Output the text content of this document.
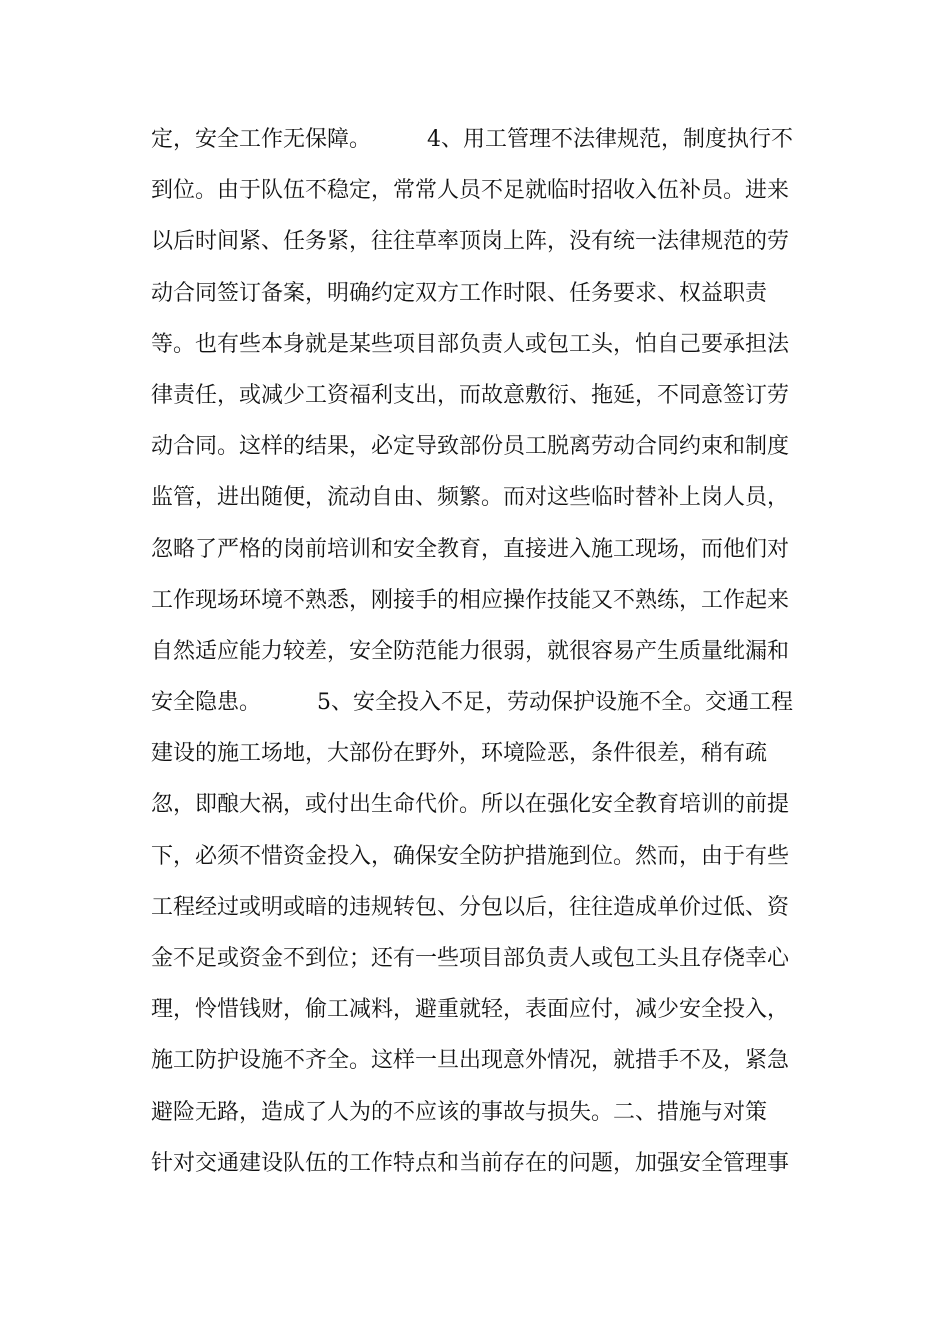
定，安全工作无保障。        4、用工管理不法律规范，制度执行不
到位。由于队伍不稳定，常常人员不足就临时招收入伍补员。进来
以后时间紧、任务紧，往往草率顶岗上阵，没有统一法律规范的劳
动合同签订备案，明确约定双方工作时限、任务要求、权益职责
等。也有些本身就是某些项目部负责人或包工头，怕自己要承担法
律责任，或减少工资福利支出，而故意敷衍、拖延，不同意签订劳
动合同。这样的结果，必定导致部份员工脱离劳动合同约束和制度
监管，进出随便，流动自由、频繁。而对这些临时替补上岗人员，
忽略了严格的岗前培训和安全教育，直接进入施工现场，而他们对
工作现场环境不熟悉，刚接手的相应操作技能又不熟练，工作起来
自然适应能力较差，安全防范能力很弱，就很容易产生质量纰漏和
安全隐患。        5、安全投入不足，劳动保护设施不全。交通工程
建设的施工场地，大部份在野外，环境险恶，条件很差，稍有疏
忽，即酿大祸，或付出生命代价。所以在强化安全教育培训的前提
下，必须不惜资金投入，确保安全防护措施到位。然而，由于有些
工程经过或明或暗的违规转包、分包以后，往往造成单价过低、资
金不足或资金不到位；还有一些项目部负责人或包工头且存侥幸心
理，怜惜钱财，偷工减料，避重就轻，表面应付，减少安全投入，
施工防护设施不齐全。这样一旦出现意外情况，就措手不及，紧急
避险无路，造成了人为的不应该的事故与损失。二、措施与对策
针对交通建设队伍的工作特点和当前存在的问题，加强安全管理事
